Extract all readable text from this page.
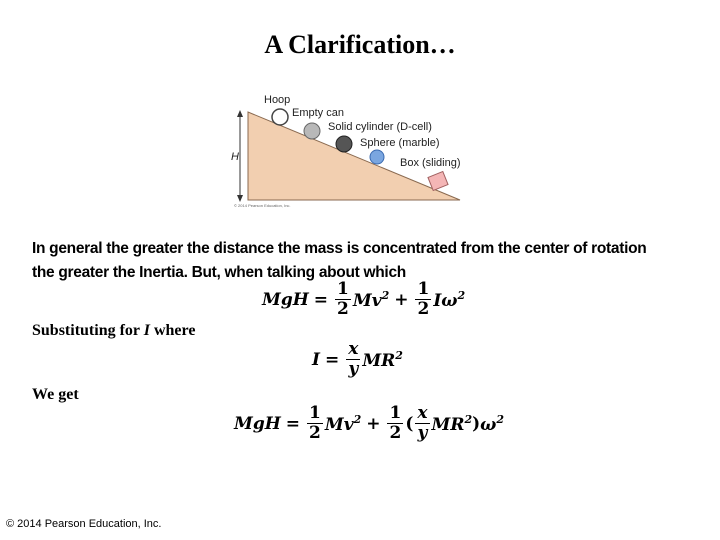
A Clarification…
H
Hoop
Empty can
Solid cylinder (D-cell)
Sphere (marble)
Box (sliding)
© 2014 Pearson Education, Inc.
In general the greater the distance the mass is concentrated from the center of rotation the greater the Inertia. But, when talking about which
MgH = $\frac{1}{2} Mv^2 + \frac{1}{2} I\omega^2$
Substituting for I where
$I = \frac{x}{y} MR^2$
We get
MgH = $\frac{1}{2} Mv^2 + \frac{1}{2}$ ( $\frac{x}{y} MR^2$ ) $\omega^2$
© 2014 Pearson Education, Inc.
